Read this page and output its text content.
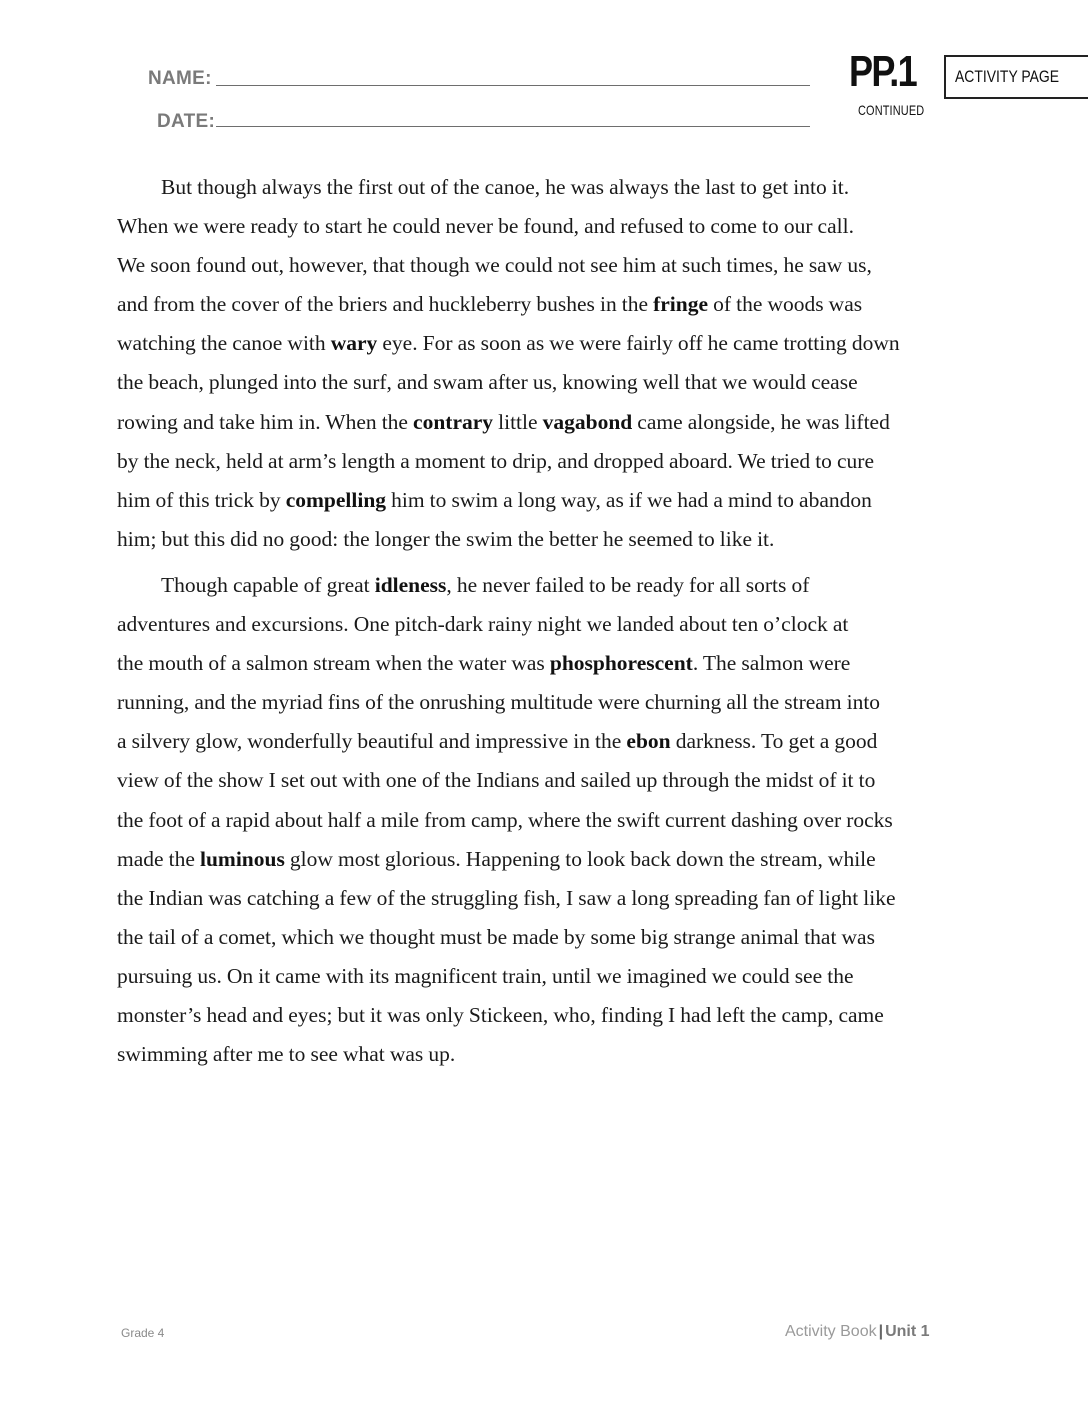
NAME:
DATE:
PP.1
CONTINUED
ACTIVITY PAGE

But though always the first out of the canoe, he was always the last to get into it.
When we were ready to start he could never be found, and refused to come to our call.
We soon found out, however, that though we could not see him at such times, he saw us,
and from the cover of the briers and huckleberry bushes in the fringe of the woods was
watching the canoe with wary eye. For as soon as we were fairly off he came trotting down
the beach, plunged into the surf, and swam after us, knowing well that we would cease
rowing and take him in. When the contrary little vagabond came alongside, he was lifted
by the neck, held at arm’s length a moment to drip, and dropped aboard. We tried to cure
him of this trick by compelling him to swim a long way, as if we had a mind to abandon
him; but this did no good: the longer the swim the better he seemed to like it.

Though capable of great idleness, he never failed to be ready for all sorts of
adventures and excursions. One pitch-dark rainy night we landed about ten o’clock at
the mouth of a salmon stream when the water was phosphorescent. The salmon were
running, and the myriad fins of the onrushing multitude were churning all the stream into
a silvery glow, wonderfully beautiful and impressive in the ebon darkness. To get a good
view of the show I set out with one of the Indians and sailed up through the midst of it to
the foot of a rapid about half a mile from camp, where the swift current dashing over rocks
made the luminous glow most glorious. Happening to look back down the stream, while
the Indian was catching a few of the struggling fish, I saw a long spreading fan of light like
the tail of a comet, which we thought must be made by some big strange animal that was
pursuing us. On it came with its magnificent train, until we imagined we could see the
monster’s head and eyes; but it was only Stickeen, who, finding I had left the camp, came
swimming after me to see what was up.

Grade 4	Activity Book | Unit 1
